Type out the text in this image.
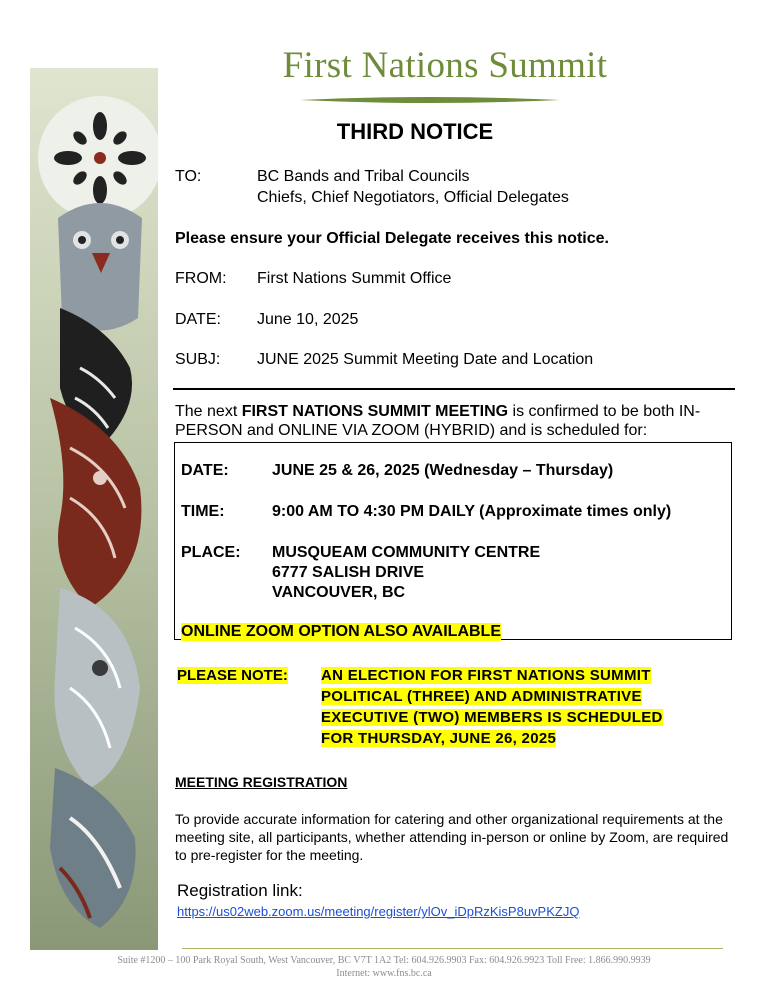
First Nations Summit
THIRD NOTICE
TO:	BC Bands and Tribal Councils
Chiefs, Chief Negotiators, Official Delegates
Please ensure your Official Delegate receives this notice.
FROM: First Nations Summit Office
DATE: June 10, 2025
SUBJ: JUNE 2025 Summit Meeting Date and Location
The next FIRST NATIONS SUMMIT MEETING is confirmed to be both IN- PERSON and ONLINE VIA ZOOM (HYBRID) and is scheduled for:
DATE:	JUNE 25 & 26, 2025 (Wednesday – Thursday)
TIME:	9:00 AM TO 4:30 PM DAILY (Approximate times only)
PLACE: MUSQUEAM COMMUNITY CENTRE
6777 SALISH DRIVE
VANCOUVER, BC
ONLINE ZOOM OPTION ALSO AVAILABLE
PLEASE NOTE: AN ELECTION FOR FIRST NATIONS SUMMIT
POLITICAL (THREE) AND ADMINISTRATIVE
EXECUTIVE (TWO) MEMBERS IS SCHEDULED
FOR THURSDAY, JUNE 26, 2025
MEETING REGISTRATION
To provide accurate information for catering and other organizational requirements at the meeting site, all participants, whether attending in-person or online by Zoom, are required to pre-register for the meeting.
Registration link:
https://us02web.zoom.us/meeting/register/ylOv_iDpRzKisP8uvPKZJQ
Suite #1200 – 100 Park Royal South, West Vancouver, BC V7T 1A2 Tel: 604.926.9903 Fax: 604.926.9923 Toll Free: 1.866.990.9939
Internet: www.fns.bc.ca
